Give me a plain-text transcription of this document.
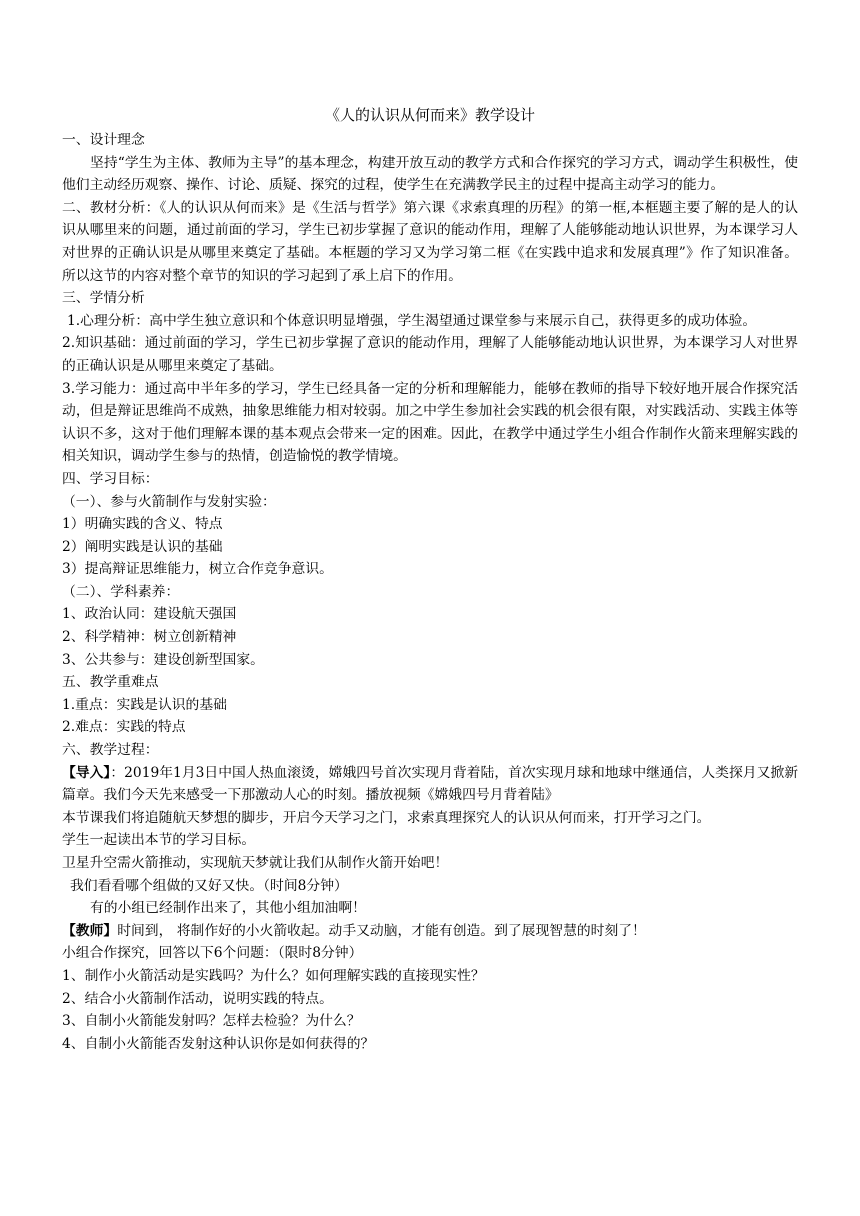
《人的认识从何而来》教学设计
一、设计理念
坚持“学生为主体、教师为主导”的基本理念，构建开放互动的教学方式和合作探究的学习方式，调动学生积极性，使他们主动经历观察、操作、讨论、质疑、探究的过程，使学生在充满教学民主的过程中提高主动学习的能力。
二、教材分析：《人的认识从何而来》是《生活与哲学》第六课《求索真理的历程》的第一框,本框题主要了解的是人的认识从哪里来的问题，通过前面的学习，学生已初步掌握了意识的能动作用，理解了人能够能动地认识世界，为本课学习人对世界的正确认识是从哪里来奠定了基础。本框题的学习又为学习第二框《在实践中追求和发展真理”》作了知识准备。所以这节的内容对整个章节的知识的学习起到了承上启下的作用。
三、学情分析
1.心理分析：高中学生独立意识和个体意识明显增强，学生渴望通过课堂参与来展示自己，获得更多的成功体验。
2.知识基础：通过前面的学习，学生已初步掌握了意识的能动作用，理解了人能够能动地认识世界，为本课学习人对世界的正确认识是从哪里来奠定了基础。
3.学习能力：通过高中半年多的学习，学生已经具备一定的分析和理解能力，能够在教师的指导下较好地开展合作探究活动，但是辩证思维尚不成熟，抽象思维能力相对较弱。加之中学生参加社会实践的机会很有限，对实践活动、实践主体等认识不多，这对于他们理解本课的基本观点会带来一定的困难。因此，在教学中通过学生小组合作制作火箭来理解实践的相关知识，调动学生参与的热情，创造愉悦的教学情境。
四、学习目标：
（一）、参与火箭制作与发射实验：
1）明确实践的含义、特点
2）阐明实践是认识的基础
3）提高辩证思维能力，树立合作竞争意识。
（二）、学科素养：
1、政治认同：建设航天强国
2、科学精神：树立创新精神
3、公共参与：建设创新型国家。
五、教学重难点
1.重点：实践是认识的基础
2.难点：实践的特点
六、教学过程：
【导入】：2019年1月3日中国人热血滚烫，嫦娥四号首次实现月背着陆，首次实现月球和地球中继通信，人类探月又掀新篇章。我们今天先来感受一下那激动人心的时刻。播放视频《嫦娥四号月背着陆》
本节课我们将追随航天梦想的脚步，开启今天学习之门，求索真理探究人的认识从何而来，打开学习之门。
学生一起读出本节的学习目标。
卫星升空需火箭推动，实现航天梦就让我们从制作火箭开始吧！
我们看看哪个组做的又好又快。（时间8分钟）
有的小组已经制作出来了，其他小组加油啊！
【教师】时间到， 将制作好的小火箭收起。动手又动脑，才能有创造。到了展现智慧的时刻了！
小组合作探究，回答以下6个问题：（限时8分钟）
1、制作小火箭活动是实践吗？为什么？如何理解实践的直接现实性？
2、结合小火箭制作活动，说明实践的特点。
3、自制小火箭能发射吗？怎样去检验？为什么？
4、自制小火箭能否发射这种认识你是如何获得的？
